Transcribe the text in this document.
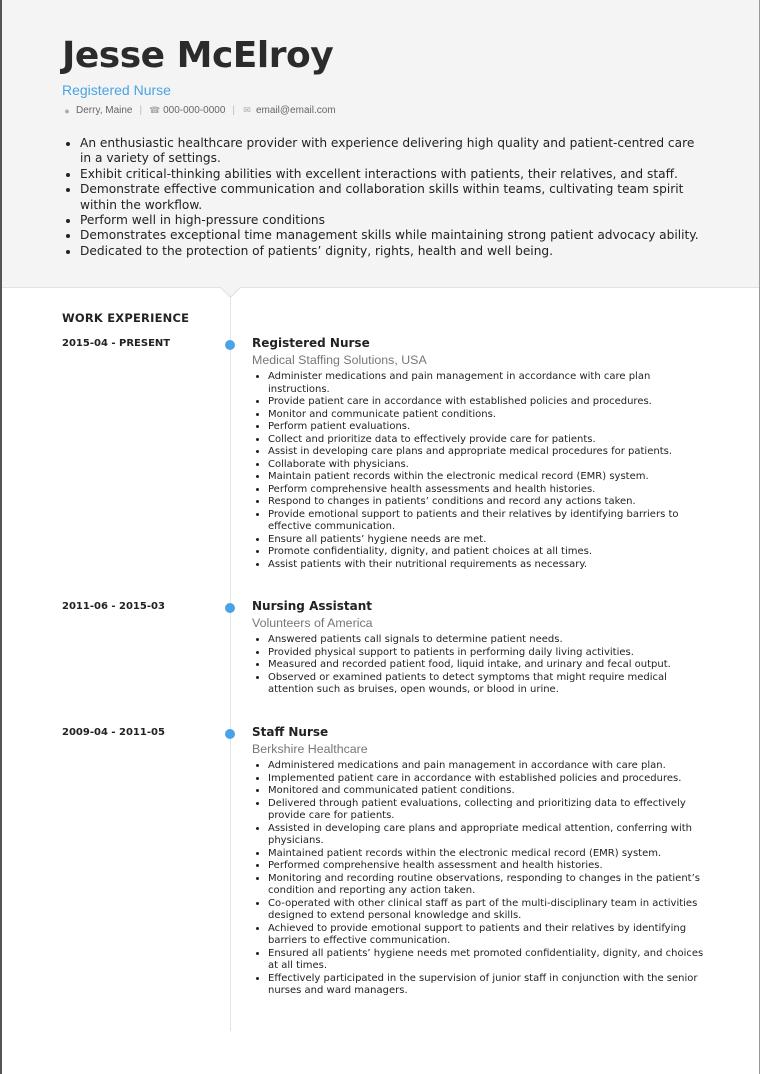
Jesse McElroy
Registered Nurse
● Derry, Maine | ☎ 000-000-0000 | ✉ email@email.com
• An enthusiastic healthcare provider with experience delivering high quality and patient-centred care in a variety of settings.
• Exhibit critical-thinking abilities with excellent interactions with patients, their relatives, and staff.
• Demonstrate effective communication and collaboration skills within teams, cultivating team spirit within the workflow.
• Perform well in high-pressure conditions
• Demonstrates exceptional time management skills while maintaining strong patient advocacy ability.
• Dedicated to the protection of patients’ dignity, rights, health and well being.
WORK EXPERIENCE
2015-04 - PRESENT	Registered Nurse
Medical Staffing Solutions, USA
• Administer medications and pain management in accordance with care plan instructions.
• Provide patient care in accordance with established policies and procedures.
• Monitor and communicate patient conditions.
• Perform patient evaluations.
• Collect and prioritize data to effectively provide care for patients.
• Assist in developing care plans and appropriate medical procedures for patients.
• Collaborate with physicians.
• Maintain patient records within the electronic medical record (EMR) system.
• Perform comprehensive health assessments and health histories.
• Respond to changes in patients’ conditions and record any actions taken.
• Provide emotional support to patients and their relatives by identifying barriers to effective communication.
• Ensure all patients’ hygiene needs are met.
• Promote confidentiality, dignity, and patient choices at all times.
• Assist patients with their nutritional requirements as necessary.
2011-06 - 2015-03	Nursing Assistant
Volunteers of America
• Answered patients call signals to determine patient needs.
• Provided physical support to patients in performing daily living activities.
• Measured and recorded patient food, liquid intake, and urinary and fecal output.
• Observed or examined patients to detect symptoms that might require medical attention such as bruises, open wounds, or blood in urine.
2009-04 - 2011-05	Staff Nurse
Berkshire Healthcare
• Administered medications and pain management in accordance with care plan.
• Implemented patient care in accordance with established policies and procedures.
• Monitored and communicated patient conditions.
• Delivered through patient evaluations, collecting and prioritizing data to effectively provide care for patients.
• Assisted in developing care plans and appropriate medical attention, conferring with physicians.
• Maintained patient records within the electronic medical record (EMR) system.
• Performed comprehensive health assessment and health histories.
• Monitoring and recording routine observations, responding to changes in the patient’s condition and reporting any action taken.
• Co-operated with other clinical staff as part of the multi-disciplinary team in activities designed to extend personal knowledge and skills.
• Achieved to provide emotional support to patients and their relatives by identifying barriers to effective communication.
• Ensured all patients’ hygiene needs met promoted confidentiality, dignity, and choices at all times.
• Effectively participated in the supervision of junior staff in conjunction with the senior nurses and ward managers.
